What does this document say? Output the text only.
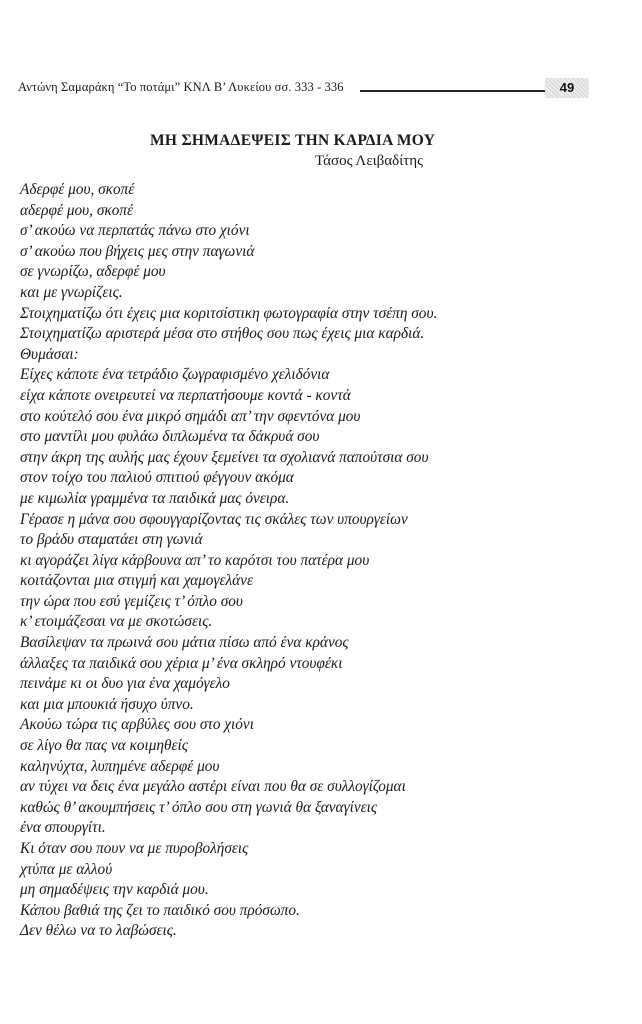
Αντώνη Σαμαράκη “Το ποτάμι” ΚΝΛ Β’ Λυκείου σσ. 333 - 336	49
ΜΗ ΣΗΜΑΔΕΨΕΙΣ ΤΗΝ ΚΑΡΔΙΑ ΜΟΥ
Τάσος Λειβαδίτης
Αδερφέ μου, σκοπέ
αδερφέ μου, σκοπέ
σ’ ακούω να περπατάς πάνω στο χιόνι
σ’ ακούω που βήχεις μες στην παγωνιά
σε γνωρίζω, αδερφέ μου
και με γνωρίζεις.
Στοιχηματίζω ότι έχεις μια κοριτσίστικη φωτογραφία στην τσέπη σου.
Στοιχηματίζω αριστερά μέσα στο στήθος σου πως έχεις μια καρδιά.
Θυμάσαι:
Είχες κάποτε ένα τετράδιο ζωγραφισμένο χελιδόνια
είχα κάποτε ονειρευτεί να περπατήσουμε κοντά - κοντά
στο κούτελό σου ένα μικρό σημάδι απ’ την σφεντόνα μου
στο μαντίλι μου φυλάω διπλωμένα τα δάκρυά σου
στην άκρη της αυλής μας έχουν ξεμείνει τα σχολιανά παπούτσια σου
στον τοίχο του παλιού σπιτιού φέγγουν ακόμα
με κιμωλία γραμμένα τα παιδικά μας όνειρα.
Γέρασε η μάνα σου σφουγγαρίζοντας τις σκάλες των υπουργείων
το βράδυ σταματάει στη γωνιά
κι αγοράζει λίγα κάρβουνα απ’ το καρότσι του πατέρα μου
κοιτάζονται μια στιγμή και χαμογελάνε
την ώρα που εσύ γεμίζεις τ’ όπλο σου
κ’ ετοιμάζεσαι να με σκοτώσεις.
Βασίλεψαν τα πρωινά σου μάτια πίσω από ένα κράνος
άλλαξες τα παιδικά σου χέρια μ’ ένα σκληρό ντουφέκι
πεινάμε κι οι δυο για ένα χαμόγελο
και μια μπουκιά ήσυχο ύπνο.
Ακούω τώρα τις αρβύλες σου στο χιόνι
σε λίγο θα πας να κοιμηθείς
καληνύχτα, λυπημένε αδερφέ μου
αν τύχει να δεις ένα μεγάλο αστέρι είναι που θα σε συλλογίζομαι
καθώς θ’ ακουμπήσεις τ’ όπλο σου στη γωνιά θα ξαναγίνεις
ένα σπουργίτι.
Κι όταν σου πουν να με πυροβολήσεις
χτύπα με αλλού
μη σημαδέψεις την καρδιά μου.
Κάπου βαθιά της ζει το παιδικό σου πρόσωπο.
Δεν θέλω να το λαβώσεις.
